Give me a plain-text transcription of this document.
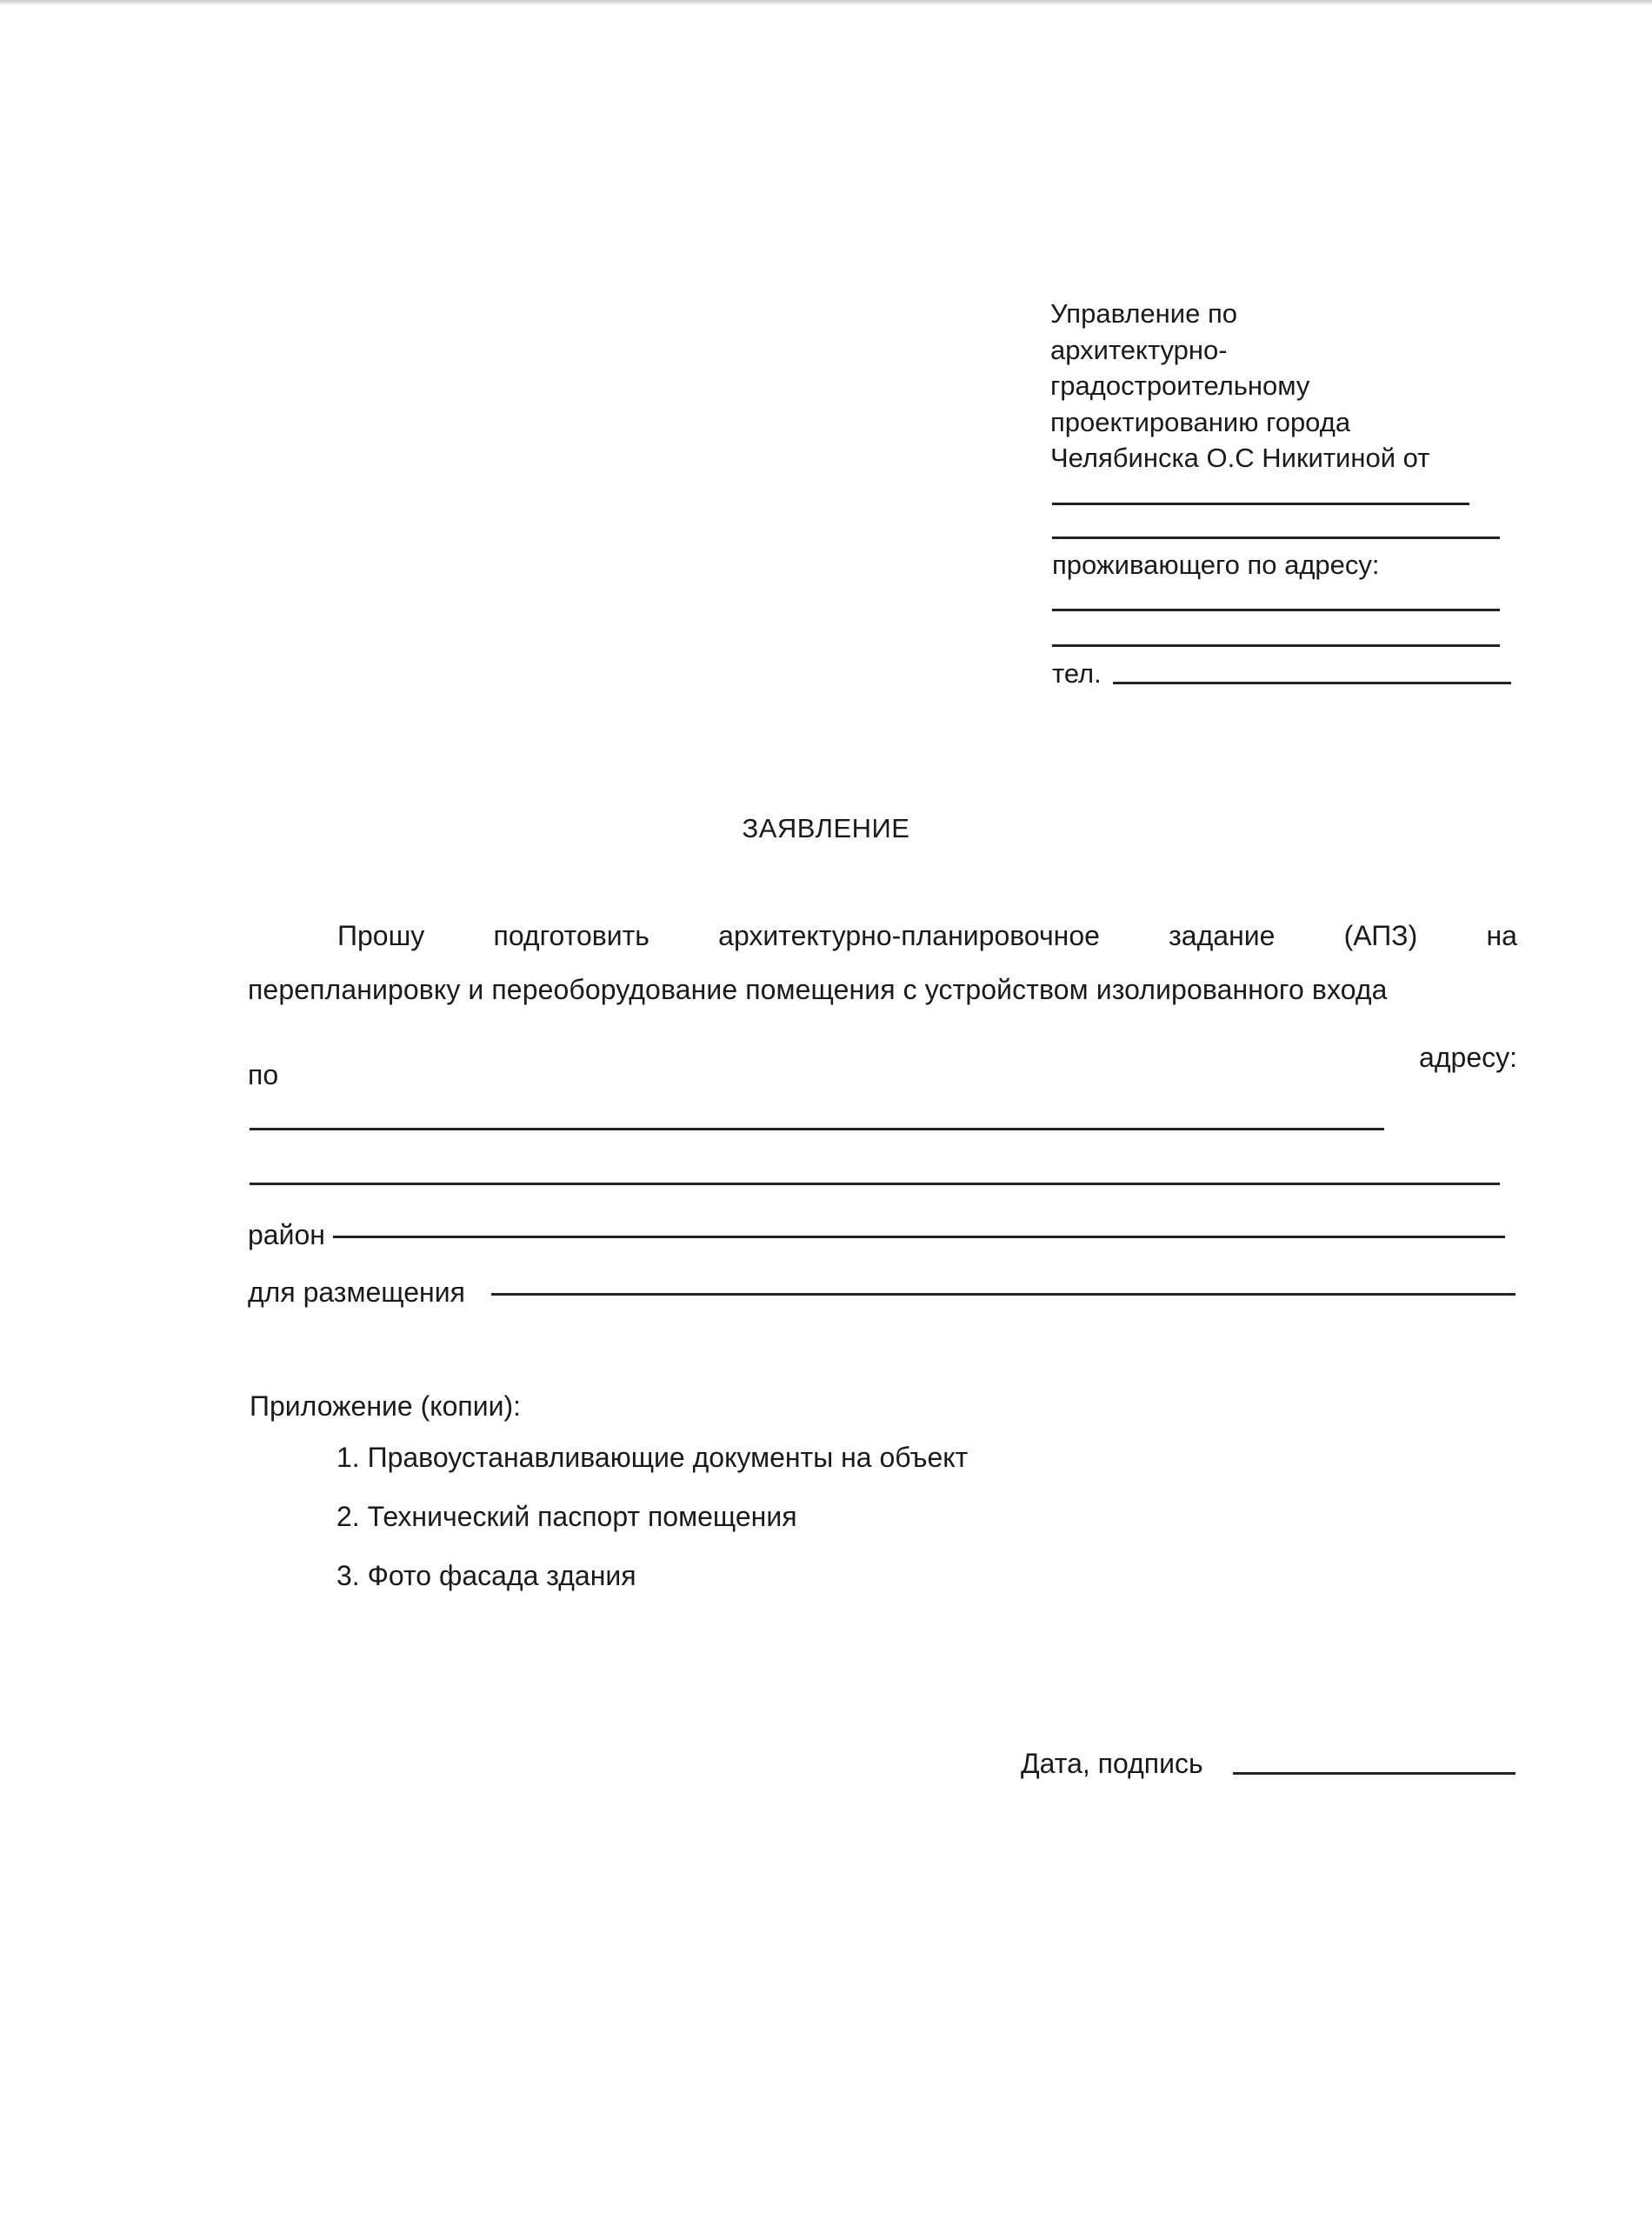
Управление по
архитектурно-
градостроительному
проектированию города
Челябинска О.С Никитиной от
проживающего по адресу:
тел.
ЗАЯВЛЕНИЕ
Прошу подготовить архитектурно-планировочное задание (АПЗ) на
перепланировку и переоборудование помещения с устройством изолированного входа
по
адресу:
район
для размещения
Приложение (копии):
1. Правоустанавливающие документы на объект
2. Технический паспорт помещения
3. Фото фасада здания
Дата, подпись
